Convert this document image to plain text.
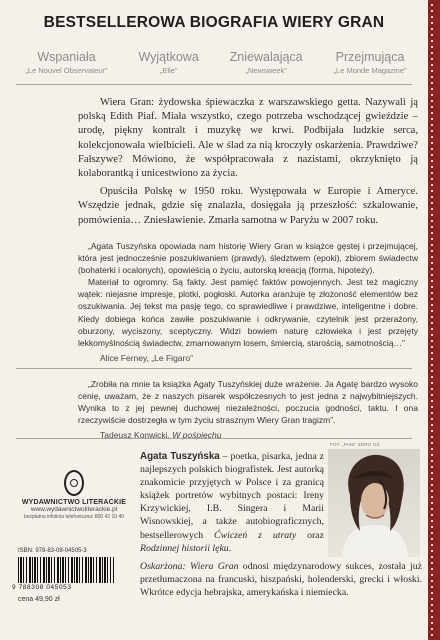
BESTSELLEROWA BIOGRAFIA WIERY GRAN
Wspaniała
„Le Nouvel Observateur”
Wyjątkowa
„Elle”
Zniewalająca
„Newsweek”
Przejmująca
„Le Monde Magazine”

Wiera Gran: żydowska śpiewaczka z warszawskiego getta. Nazywali ją polską Edith Piaf. Miała wszystko, czego potrzeba wschodzącej gwieździe – urodę, piękny kontralt i muzykę we krwi. Podbijała ludzkie serca, kolekcjonowała wielbicieli. Ale w ślad za nią kroczyły oskarżenia. Prawdziwe? Fałszywe? Mówiono, że współpracowała z nazistami, okrzyknięto ją kolaborantką i unicestwiono za życia.

Opuściła Polskę w 1950 roku. Występowała w Europie i Ameryce. Wszędzie jednak, gdzie się znalazła, dosięgała ją przeszłość: szkalowanie, pomówienia… Zniesławienie. Zmarła samotna w Paryżu w 2007 roku.

„Agata Tuszyńska opowiada nam historię Wiery Gran w książce gęstej i przejmującej, która jest jednocześnie poszukiwaniem (prawdy), śledztwem (epoki), zbiorem świadectw (bohaterki i ocalonych), opowieścią o życiu, autorską kreacją (forma, hipotezy).

Materiał to ogromny. Są fakty. Jest pamięć faktów powojennych. Jest też magiczny wątek: niejasne impresje, plotki, pogłoski. Autorka aranżuje tę złożoność elementów bez oszukiwania. Jej tekst ma pasję tego, co sprawiedliwe i prawdziwe, inteligentne i dobre. Kiedy dobiega końca zawiłe poszukiwanie i odkrywanie, czytelnik jest przerażony, oburzony, wyciszony, sceptyczny. Widzi bowiem naturę człowieka i jest przejęty lekkomyślnością świadectw, zmarnowanym losem, śmiercią, starością, samotnością…”

Alice Ferney, „Le Figaro”

„Zrobiła na mnie ta książka Agaty Tuszyńskiej duże wrażenie. Ja Agatę bardzo wysoko cenię, uważam, że z naszych pisarek współczesnych to jest jedna z najwybitniejszych. Wynika to z jej pewnej duchowej niezależności, poczucia godności, taktu. I ona rzeczywiście dostrzegła w tym życiu strasznym Wiery Gran tragizm”.

Tadeusz Konwicki, W pośpiechu
WYDAWNICTWO LITERACKIE
www.wydawnictwoliterackie.pl
bezpłatna infolinia telefoniczna: 800 42 10 40
ISBN: 978-83-08-04505-3
9 788308 045053
cena 49,90 zł
FOT. „PANI” ZDRO OŚ

Agata Tuszyńska – poetka, pisarka, jedna z najlepszych polskich biografistek. Jest autorką znakomicie przyjętych w Polsce i za granicą książek portretów wybitnych postaci: Ireny Krzywickiej, I.B. Singera i Marii Wisnowskiej, a także autobiograficznych, bestsellerowych Ćwiczeń z utraty oraz Rodzinnej historii lęku.

Oskarżona: Wiera Gran odnosi międzynarodowy sukces, została już przetłumaczona na francuski, hiszpański, holenderski, grecki i włoski. Wkrótce edycja hebrajska, amerykańska i niemiecka.
